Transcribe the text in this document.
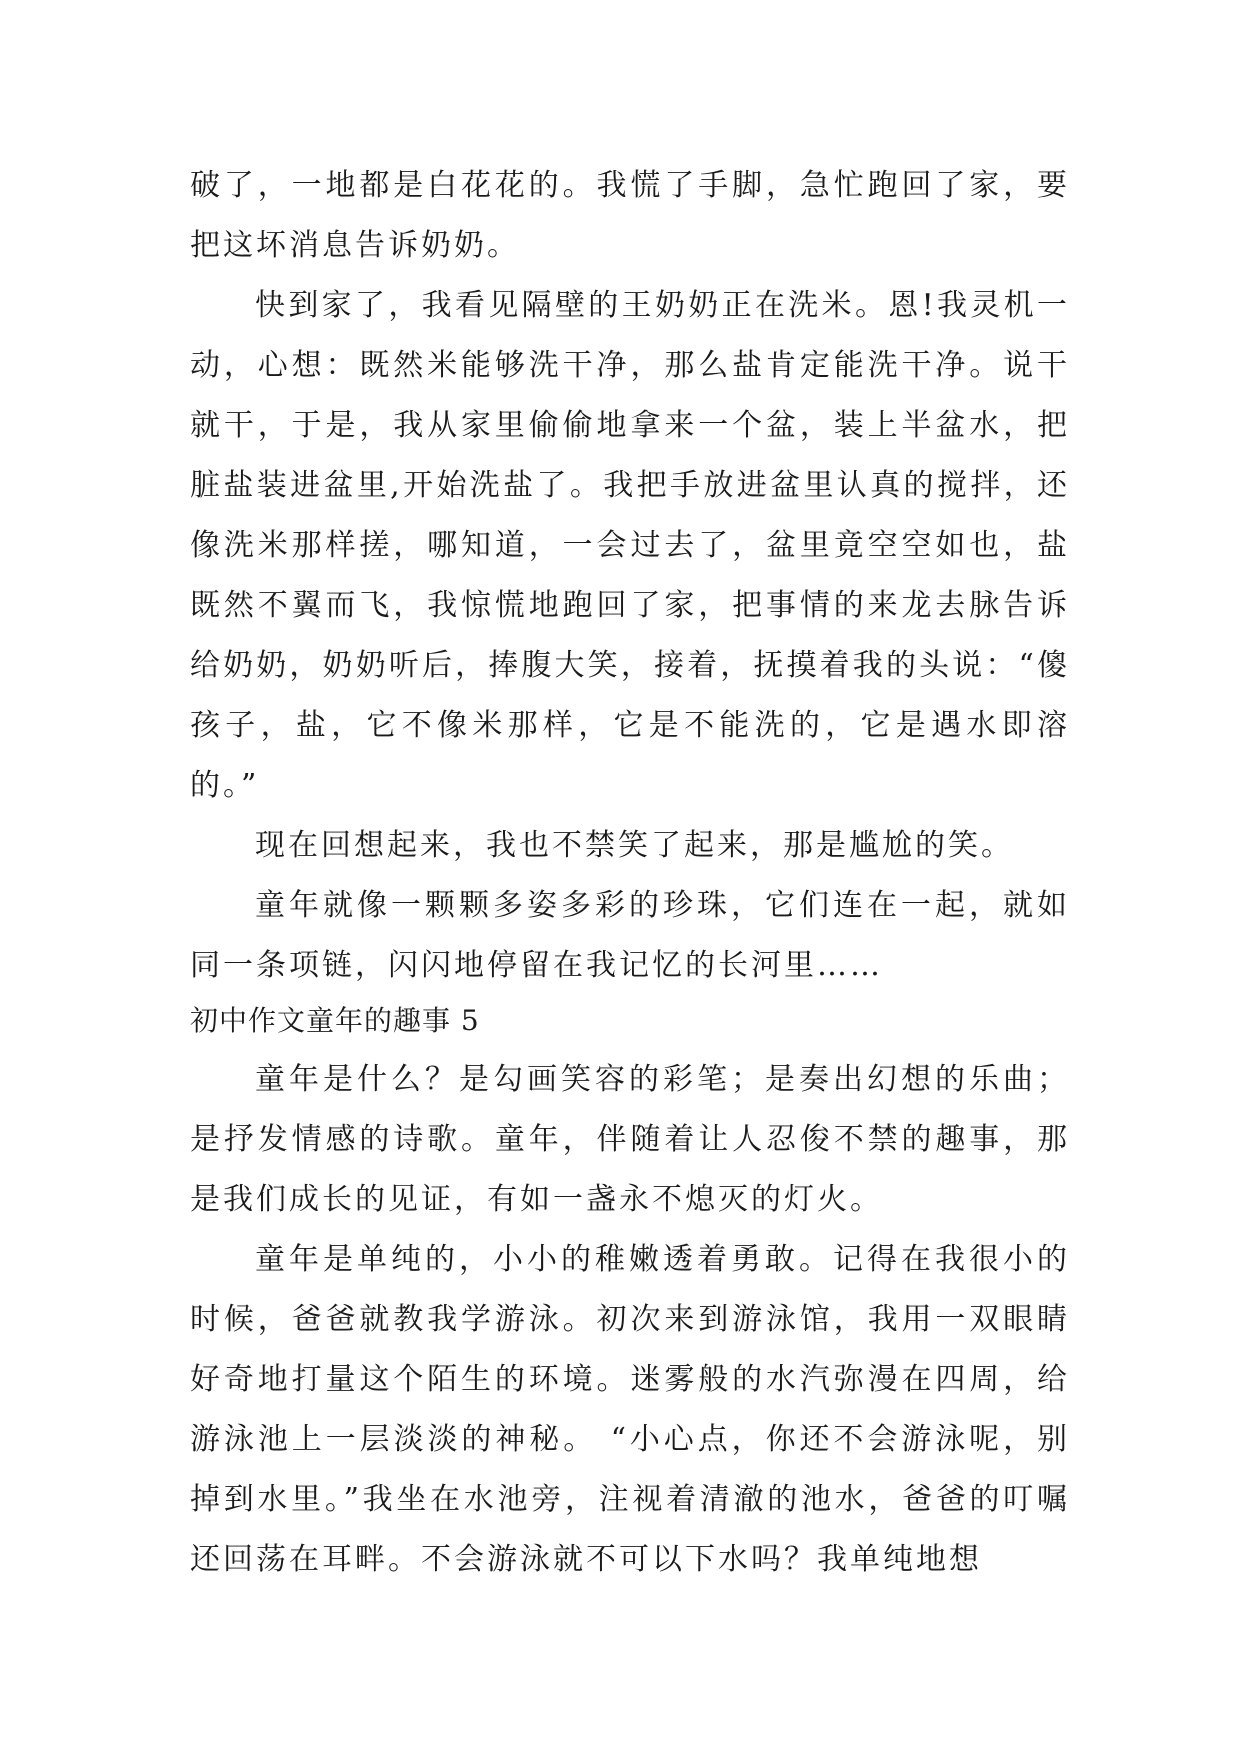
破了，一地都是白花花的。我慌了手脚，急忙跑回了家，要把这坏消息告诉奶奶。

快到家了，我看见隔壁的王奶奶正在洗米。恩!我灵机一动，心想：既然米能够洗干净，那么盐肯定能洗干净。说干就干，于是，我从家里偷偷地拿来一个盆，装上半盆水，把脏盐装进盆里,开始洗盐了。我把手放进盆里认真的搅拌，还像洗米那样搓，哪知道，一会过去了，盆里竟空空如也，盐既然不翼而飞，我惊慌地跑回了家，把事情的来龙去脉告诉给奶奶，奶奶听后，捧腹大笑，接着，抚摸着我的头说：“傻孩子，盐，它不像米那样，它是不能洗的，它是遇水即溶的。”

现在回想起来，我也不禁笑了起来，那是尴尬的笑。

童年就像一颗颗多姿多彩的珍珠，它们连在一起，就如同一条项链，闪闪地停留在我记忆的长河里……

初中作文童年的趣事 5

童年是什么？是勾画笑容的彩笔；是奏出幻想的乐曲；是抒发情感的诗歌。童年，伴随着让人忍俊不禁的趣事，那是我们成长的见证，有如一盏永不熄灭的灯火。

童年是单纯的，小小的稚嫩透着勇敢。记得在我很小的时候，爸爸就教我学游泳。初次来到游泳馆，我用一双眼睛好奇地打量这个陌生的环境。迷雾般的水汽弥漫在四周，给游泳池上一层淡淡的神秘。 “小心点，你还不会游泳呢，别掉到水里。”我坐在水池旁，注视着清澈的池水，爸爸的叮嘱还回荡在耳畔。不会游泳就不可以下水吗？我单纯地想
